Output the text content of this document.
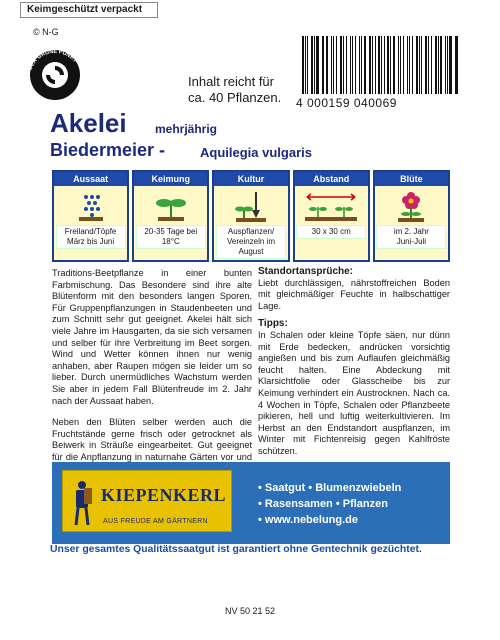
Keimgeschützt verpackt
© N-G
DER GRÜNE PUNKT
Inhalt reicht für
ca. 40 Pflanzen. 4 000159 040069
Akelei mehrjährig
Biedermeier -	Aquilegia vulgaris
Aussaat
Freiland/Töpfe
März bis Juni
Keimung
20-35 Tage bei
18°C
Kultur
Auspflanzen/
Vereinzeln im
August
Abstand
30 x 30 cm
Blüte
im 2. Jahr
Juni-Juli

Traditions-Beetpflanze in einer bunten Farbmischung. Das Besondere sind ihre alte Blütenform mit den besonders langen Sporen. Für Gruppenpflanzungen in Staudenbeeten und zum Schnitt sehr gut geeignet. Akelei hält sich viele Jahre im Hausgarten, da sie sich versamen und selber für ihre Verbreitung im Beet sorgen. Wind und Wetter können ihnen nur wenig anhaben, aber Raupen mögen sie leider um so lieber. Durch unermüdliches Wachstum werden Sie aber in jedem Fall Blütenfreude im 2. Jahr nach der Aussaat haben.

Neben den Blüten selber werden auch die Fruchtstände gerne frisch oder getrocknet als Beiwerk in Sträuße eingearbeitet. Gut geeignet für die Anpflanzung in naturnahe Gärten vor und

Standortansprüche:

Liebt durchlässigen, nährstoffreichen Boden mit gleichmäßiger Feuchte in halbschattiger Lage.

Tipps:

In Schalen oder kleine Töpfe säen, nur dünn mit Erde bedecken, andrücken vorsichtig angießen und bis zum Auflaufen gleichmäßig feucht halten. Eine Abdeckung mit Klarsichtfolie oder Glasscheibe bis zur Keimung verhindert ein Austrocknen. Nach ca. 4 Wochen in Töpfe, Schalen oder Pflanzbeete pikieren, hell und luftig weiterkultivieren. Im Herbst an den Endstandort auspflanzen, im Winter mit Fichtenreisig gegen Kahlfröste schützen.

KIEPENKERL
AUS FREUDE AM GÄRTNERN
• Saatgut • Blumenzwiebeln
• Rasensamen • Pflanzen
• www.nebelung.de
Unser gesamtes Qualitätssaatgut ist garantiert ohne Gentechnik gezüchtet.
NV 50 21 52
